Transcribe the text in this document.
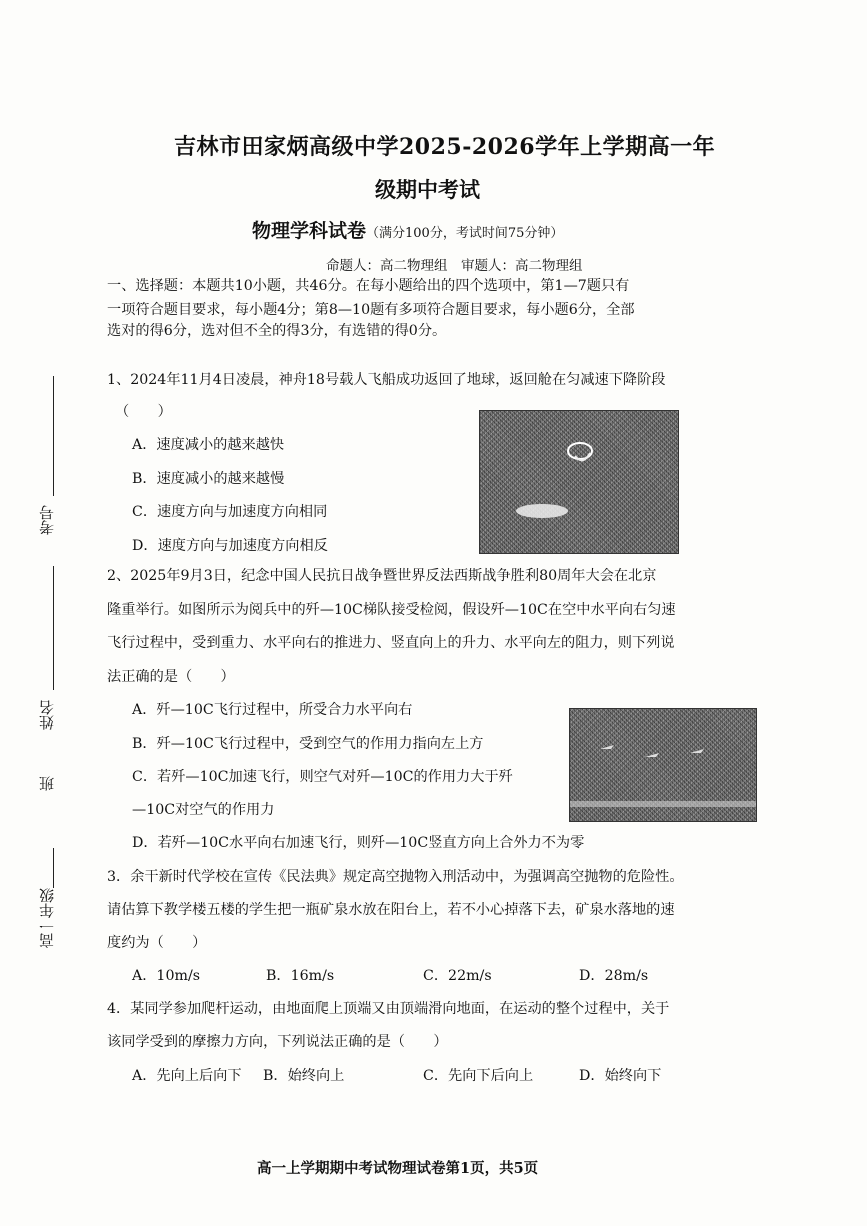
吉林市田家炳高级中学2025-2026学年上学期高一年
级期中考试
物理学科试卷（满分100分，考试时间75分钟）
命题人：高二物理组　审题人：高二物理组
一、选择题：本题共10小题，共46分。在每小题给出的四个选项中，第1—7题只有
一项符合题目要求，每小题4分；第8—10题有多项符合题目要求，每小题6分，全部
选对的得6分，选对但不全的得3分，有选错的得0分。
考号
姓名
班
高一年级
1、2024年11月4日凌晨，神舟18号载人飞船成功返回了地球，返回舱在匀减速下降阶段
（　　）
A．速度减小的越来越快
B．速度减小的越来越慢
C．速度方向与加速度方向相同
D．速度方向与加速度方向相反
2、2025年9月3日，纪念中国人民抗日战争暨世界反法西斯战争胜利80周年大会在北京
隆重举行。如图所示为阅兵中的歼—10C梯队接受检阅，假设歼—10C在空中水平向右匀速
飞行过程中，受到重力、水平向右的推进力、竖直向上的升力、水平向左的阻力，则下列说
法正确的是（　　）
A．歼—10C飞行过程中，所受合力水平向右
B．歼—10C飞行过程中，受到空气的作用力指向左上方
C．若歼—10C加速飞行，则空气对歼—10C的作用力大于歼
—10C对空气的作用力
D．若歼—10C水平向右加速飞行，则歼—10C竖直方向上合外力不为零
3．余干新时代学校在宣传《民法典》规定高空抛物入刑活动中，为强调高空抛物的危险性。
请估算下教学楼五楼的学生把一瓶矿泉水放在阳台上，若不小心掉落下去，矿泉水落地的速
度约为（　　）
A．10m/s	B．16m/s	C．22m/s	D．28m/s
4．某同学参加爬杆运动，由地面爬上顶端又由顶端滑向地面，在运动的整个过程中，关于
该同学受到的摩擦力方向，下列说法正确的是（　　）
A．先向上后向下 B．始终向上	C．先向下后向上	D．始终向下
高一上学期期中考试物理试卷第1页，共5页
